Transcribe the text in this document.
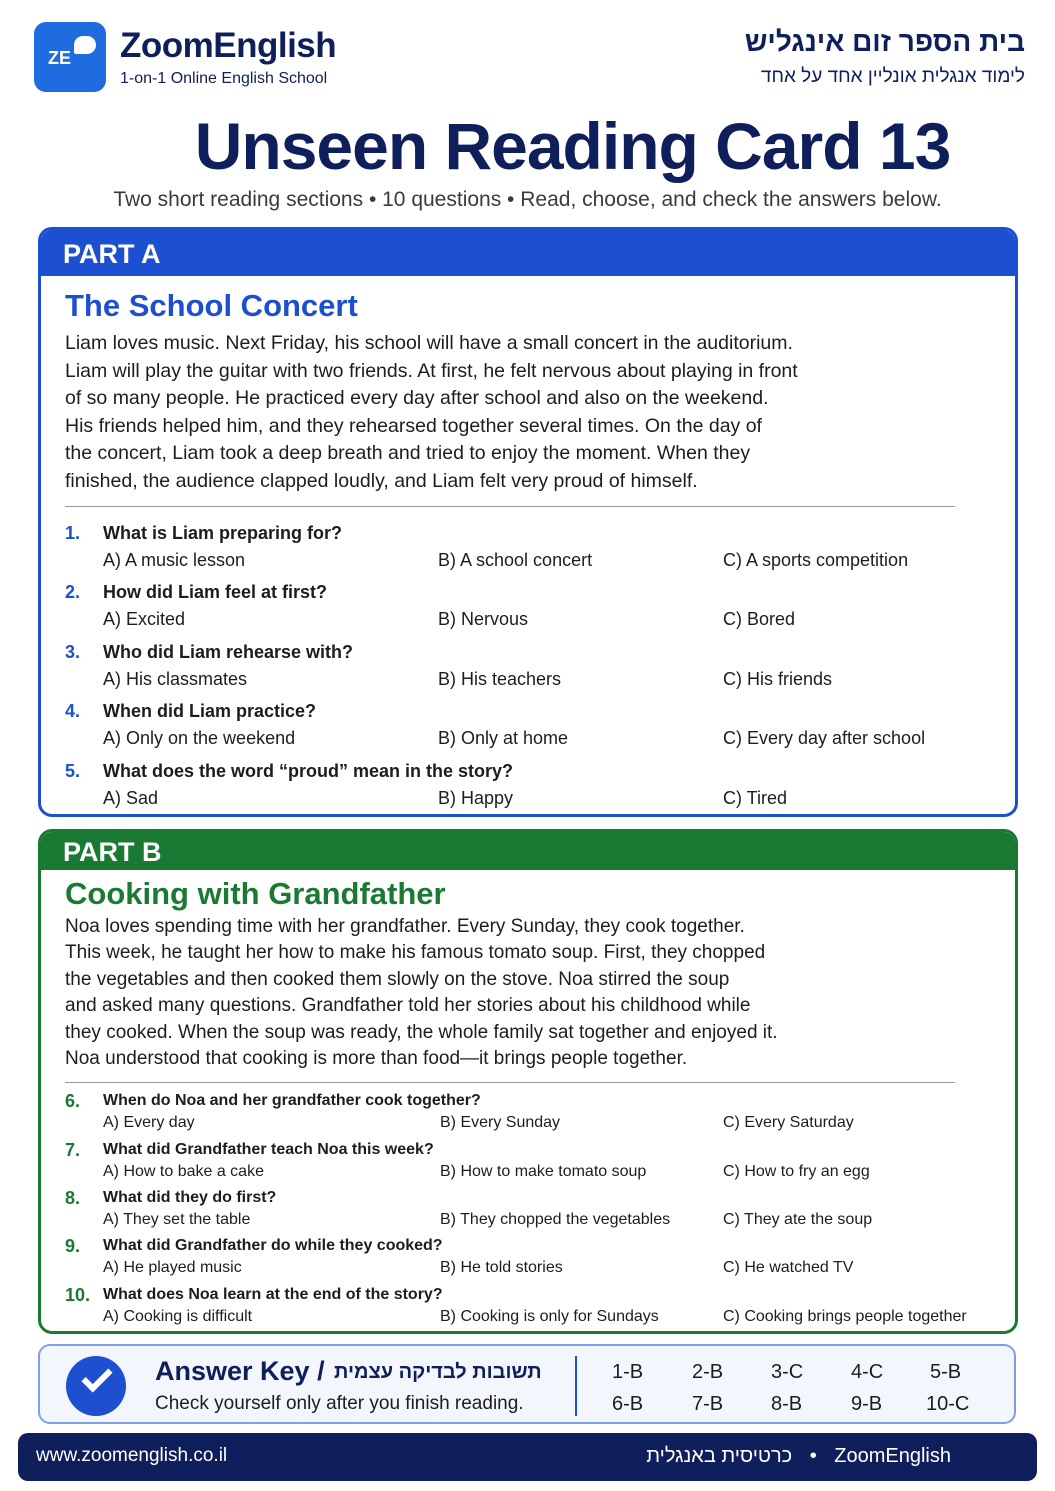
ZE ZoomEnglish
1-on-1 Online English School
בית הספר זום אינגליש
לימוד אנגלית אונליין אחד על אחד
Unseen Reading Card 13
Two short reading sections • 10 questions • Read, choose, and check the answers below.
PART A
The School Concert
Liam loves music. Next Friday, his school will have a small concert in the auditorium.
Liam will play the guitar with two friends. At first, he felt nervous about playing in front
of so many people. He practiced every day after school and also on the weekend.
His friends helped him, and they rehearsed together several times. On the day of
the concert, Liam took a deep breath and tried to enjoy the moment. When they
finished, the audience clapped loudly, and Liam felt very proud of himself.
1. What is Liam preparing for?
A) A music lesson	B) A school concert	C) A sports competition
2. How did Liam feel at first?
A) Excited	B) Nervous	C) Bored
3. Who did Liam rehearse with?
A) His classmates	B) His teachers	C) His friends
4. When did Liam practice?
A) Only on the weekend	B) Only at home	C) Every day after school
5. What does the word “proud” mean in the story?
A) Sad	B) Happy	C) Tired
PART B
Cooking with Grandfather
Noa loves spending time with her grandfather. Every Sunday, they cook together.
This week, he taught her how to make his famous tomato soup. First, they chopped
the vegetables and then cooked them slowly on the stove. Noa stirred the soup
and asked many questions. Grandfather told her stories about his childhood while
they cooked. When the soup was ready, the whole family sat together and enjoyed it.
Noa understood that cooking is more than food—it brings people together.
6. When do Noa and her grandfather cook together?
A) Every day	B) Every Sunday	C) Every Saturday
7. What did Grandfather teach Noa this week?
A) How to bake a cake	B) How to make tomato soup	C) How to fry an egg
8. What did they do first?
A) They set the table	B) They chopped the vegetables	C) They ate the soup
9. What did Grandfather do while they cooked?
A) He played music	B) He told stories	C) He watched TV
10. What does Noa learn at the end of the story?
A) Cooking is difficult	B) Cooking is only for Sundays	C) Cooking brings people together
Answer Key / תשובות לבדיקה עצמית
Check yourself only after you finish reading.
1-B 2-B 3-C 4-C 5-B
6-B 7-B 8-B 9-B 10-C
www.zoomenglish.co.il	כרטיסית באנגלית • ZoomEnglish
